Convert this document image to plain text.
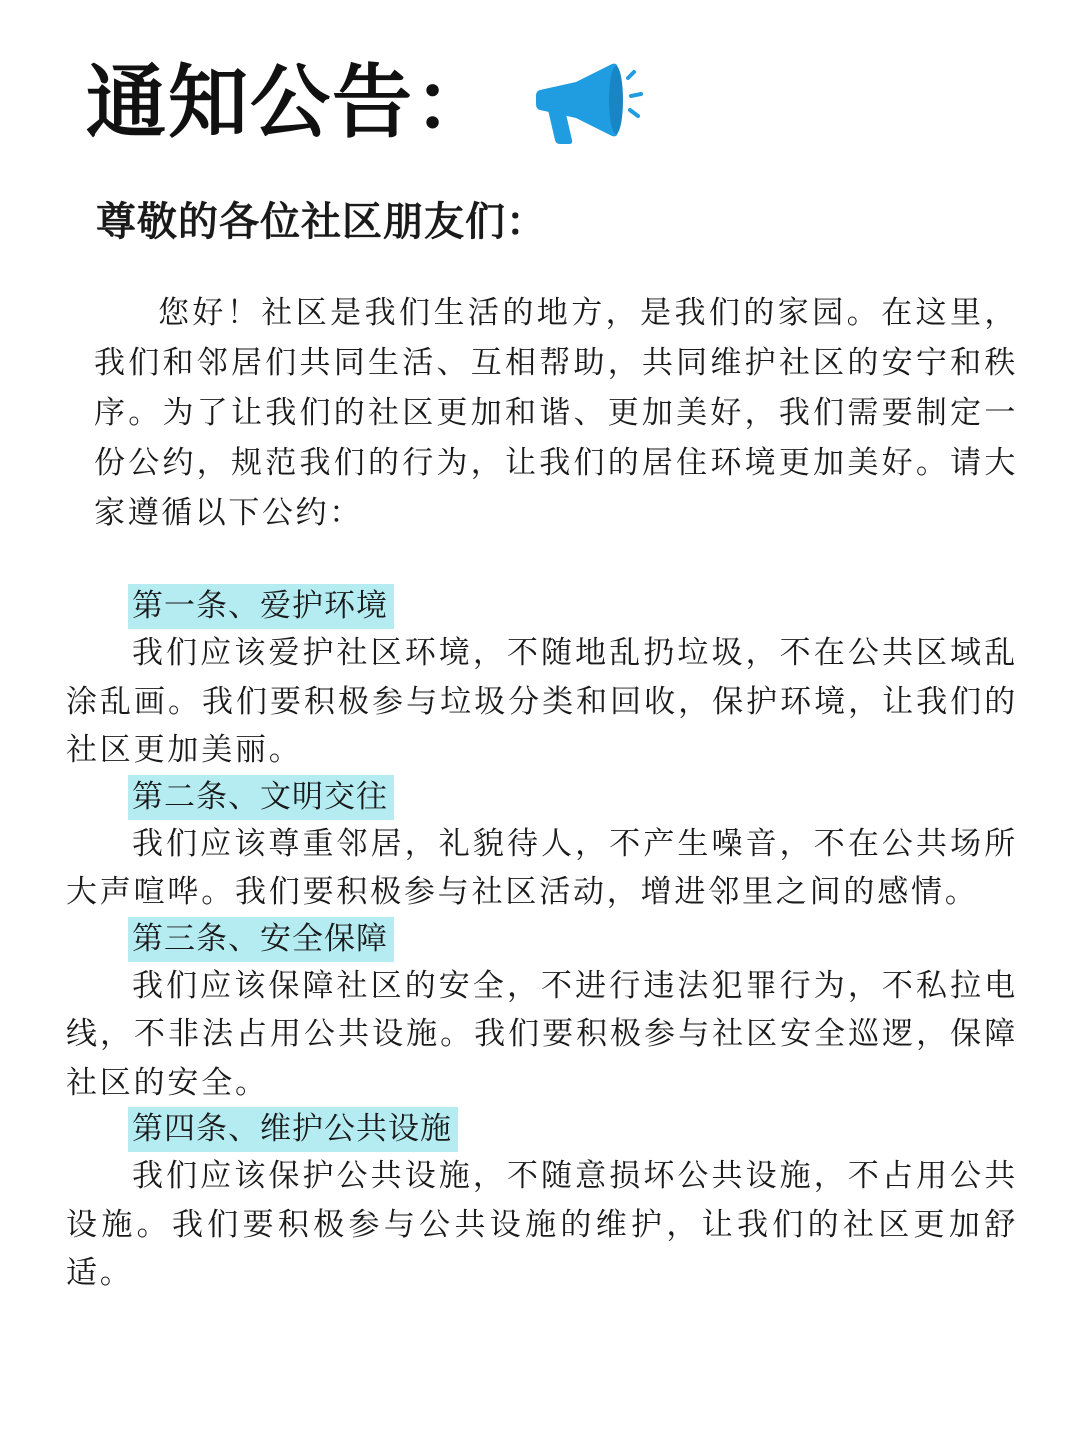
通知公告：
尊敬的各位社区朋友们：

您好！社区是我们生活的地方，是我们的家园。在这里，我们和邻居们共同生活、互相帮助，共同维护社区的安宁和秩序。为了让我们的社区更加和谐、更加美好，我们需要制定一份公约，规范我们的行为，让我们的居住环境更加美好。请大家遵循以下公约：

第一条、爱护环境

我们应该爱护社区环境，不随地乱扔垃圾，不在公共区域乱涂乱画。我们要积极参与垃圾分类和回收，保护环境，让我们的社区更加美丽。

第二条、文明交往

我们应该尊重邻居，礼貌待人，不产生噪音，不在公共场所大声喧哗。我们要积极参与社区活动，增进邻里之间的感情。

第三条、安全保障

我们应该保障社区的安全，不进行违法犯罪行为，不私拉电线，不非法占用公共设施。我们要积极参与社区安全巡逻，保障社区的安全。

第四条、维护公共设施

我们应该保护公共设施，不随意损坏公共设施，不占用公共设施。我们要积极参与公共设施的维护，让我们的社区更加舒适。
